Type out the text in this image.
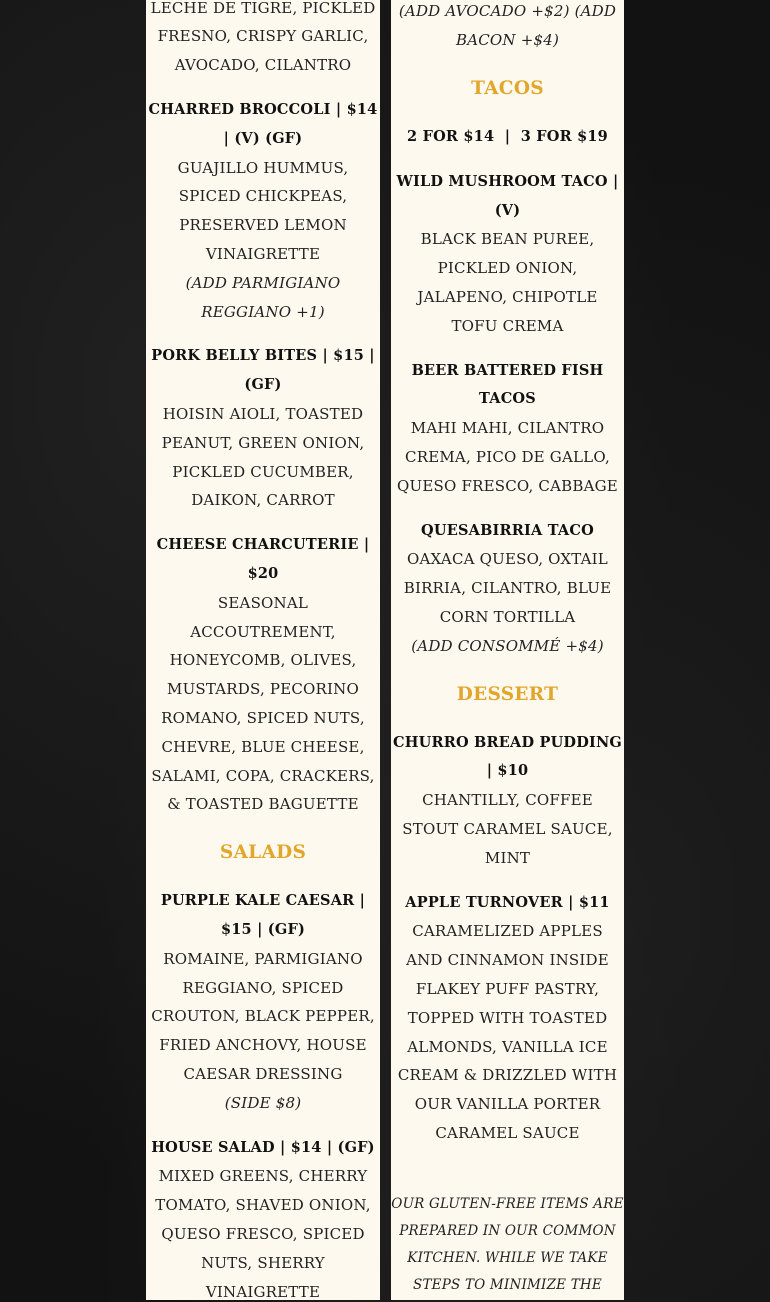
LECHE DE TIGRE, PICKLED
FRESNO, CRISPY GARLIC,
AVOCADO, CILANTRO
CHARRED BROCCOLI | $14
| (V) (GF)
GUAJILLO HUMMUS,
SPICED CHICKPEAS,
PRESERVED LEMON
VINAIGRETTE
(ADD PARMIGIANO
REGGIANO +1)
PORK BELLY BITES | $15 |
(GF)
HOISIN AIOLI, TOASTED
PEANUT, GREEN ONION,
PICKLED CUCUMBER,
DAIKON, CARROT
CHEESE CHARCUTERIE |
$20
SEASONAL
ACCOUTREMENT,
HONEYCOMB, OLIVES,
MUSTARDS, PECORINO
ROMANO, SPICED NUTS,
CHEVRE, BLUE CHEESE,
SALAMI, COPA, CRACKERS,
& TOASTED BAGUETTE
SALADS
PURPLE KALE CAESAR |
$15 | (GF)
ROMAINE, PARMIGIANO
REGGIANO, SPICED
CROUTON, BLACK PEPPER,
FRIED ANCHOVY, HOUSE
CAESAR DRESSING
(SIDE $8)
HOUSE SALAD | $14 | (GF)
MIXED GREENS, CHERRY
TOMATO, SHAVED ONION,
QUESO FRESCO, SPICED
NUTS, SHERRY
VINAIGRETTE
(ADD AVOCADO +$2) (ADD
BACON +$4)
TACOS
2 FOR $14  |  3 FOR $19
WILD MUSHROOM TACO |
(V)
BLACK BEAN PUREE,
PICKLED ONION,
JALAPENO, CHIPOTLE
TOFU CREMA
BEER BATTERED FISH
TACOS
MAHI MAHI, CILANTRO
CREMA, PICO DE GALLO,
QUESO FRESCO, CABBAGE
QUESABIRRIA TACO
OAXACA QUESO, OXTAIL
BIRRIA, CILANTRO, BLUE
CORN TORTILLA
(ADD CONSOMMÉ +$4)
DESSERT
CHURRO BREAD PUDDING
| $10
CHANTILLY, COFFEE
STOUT CARAMEL SAUCE,
MINT
APPLE TURNOVER | $11
CARAMELIZED APPLES
AND CINNAMON INSIDE
FLAKEY PUFF PASTRY,
TOPPED WITH TOASTED
ALMONDS, VANILLA ICE
CREAM & DRIZZLED WITH
OUR VANILLA PORTER
CARAMEL SAUCE
OUR GLUTEN-FREE ITEMS ARE
PREPARED IN OUR COMMON
KITCHEN. WHILE WE TAKE
STEPS TO MINIMIZE THE
